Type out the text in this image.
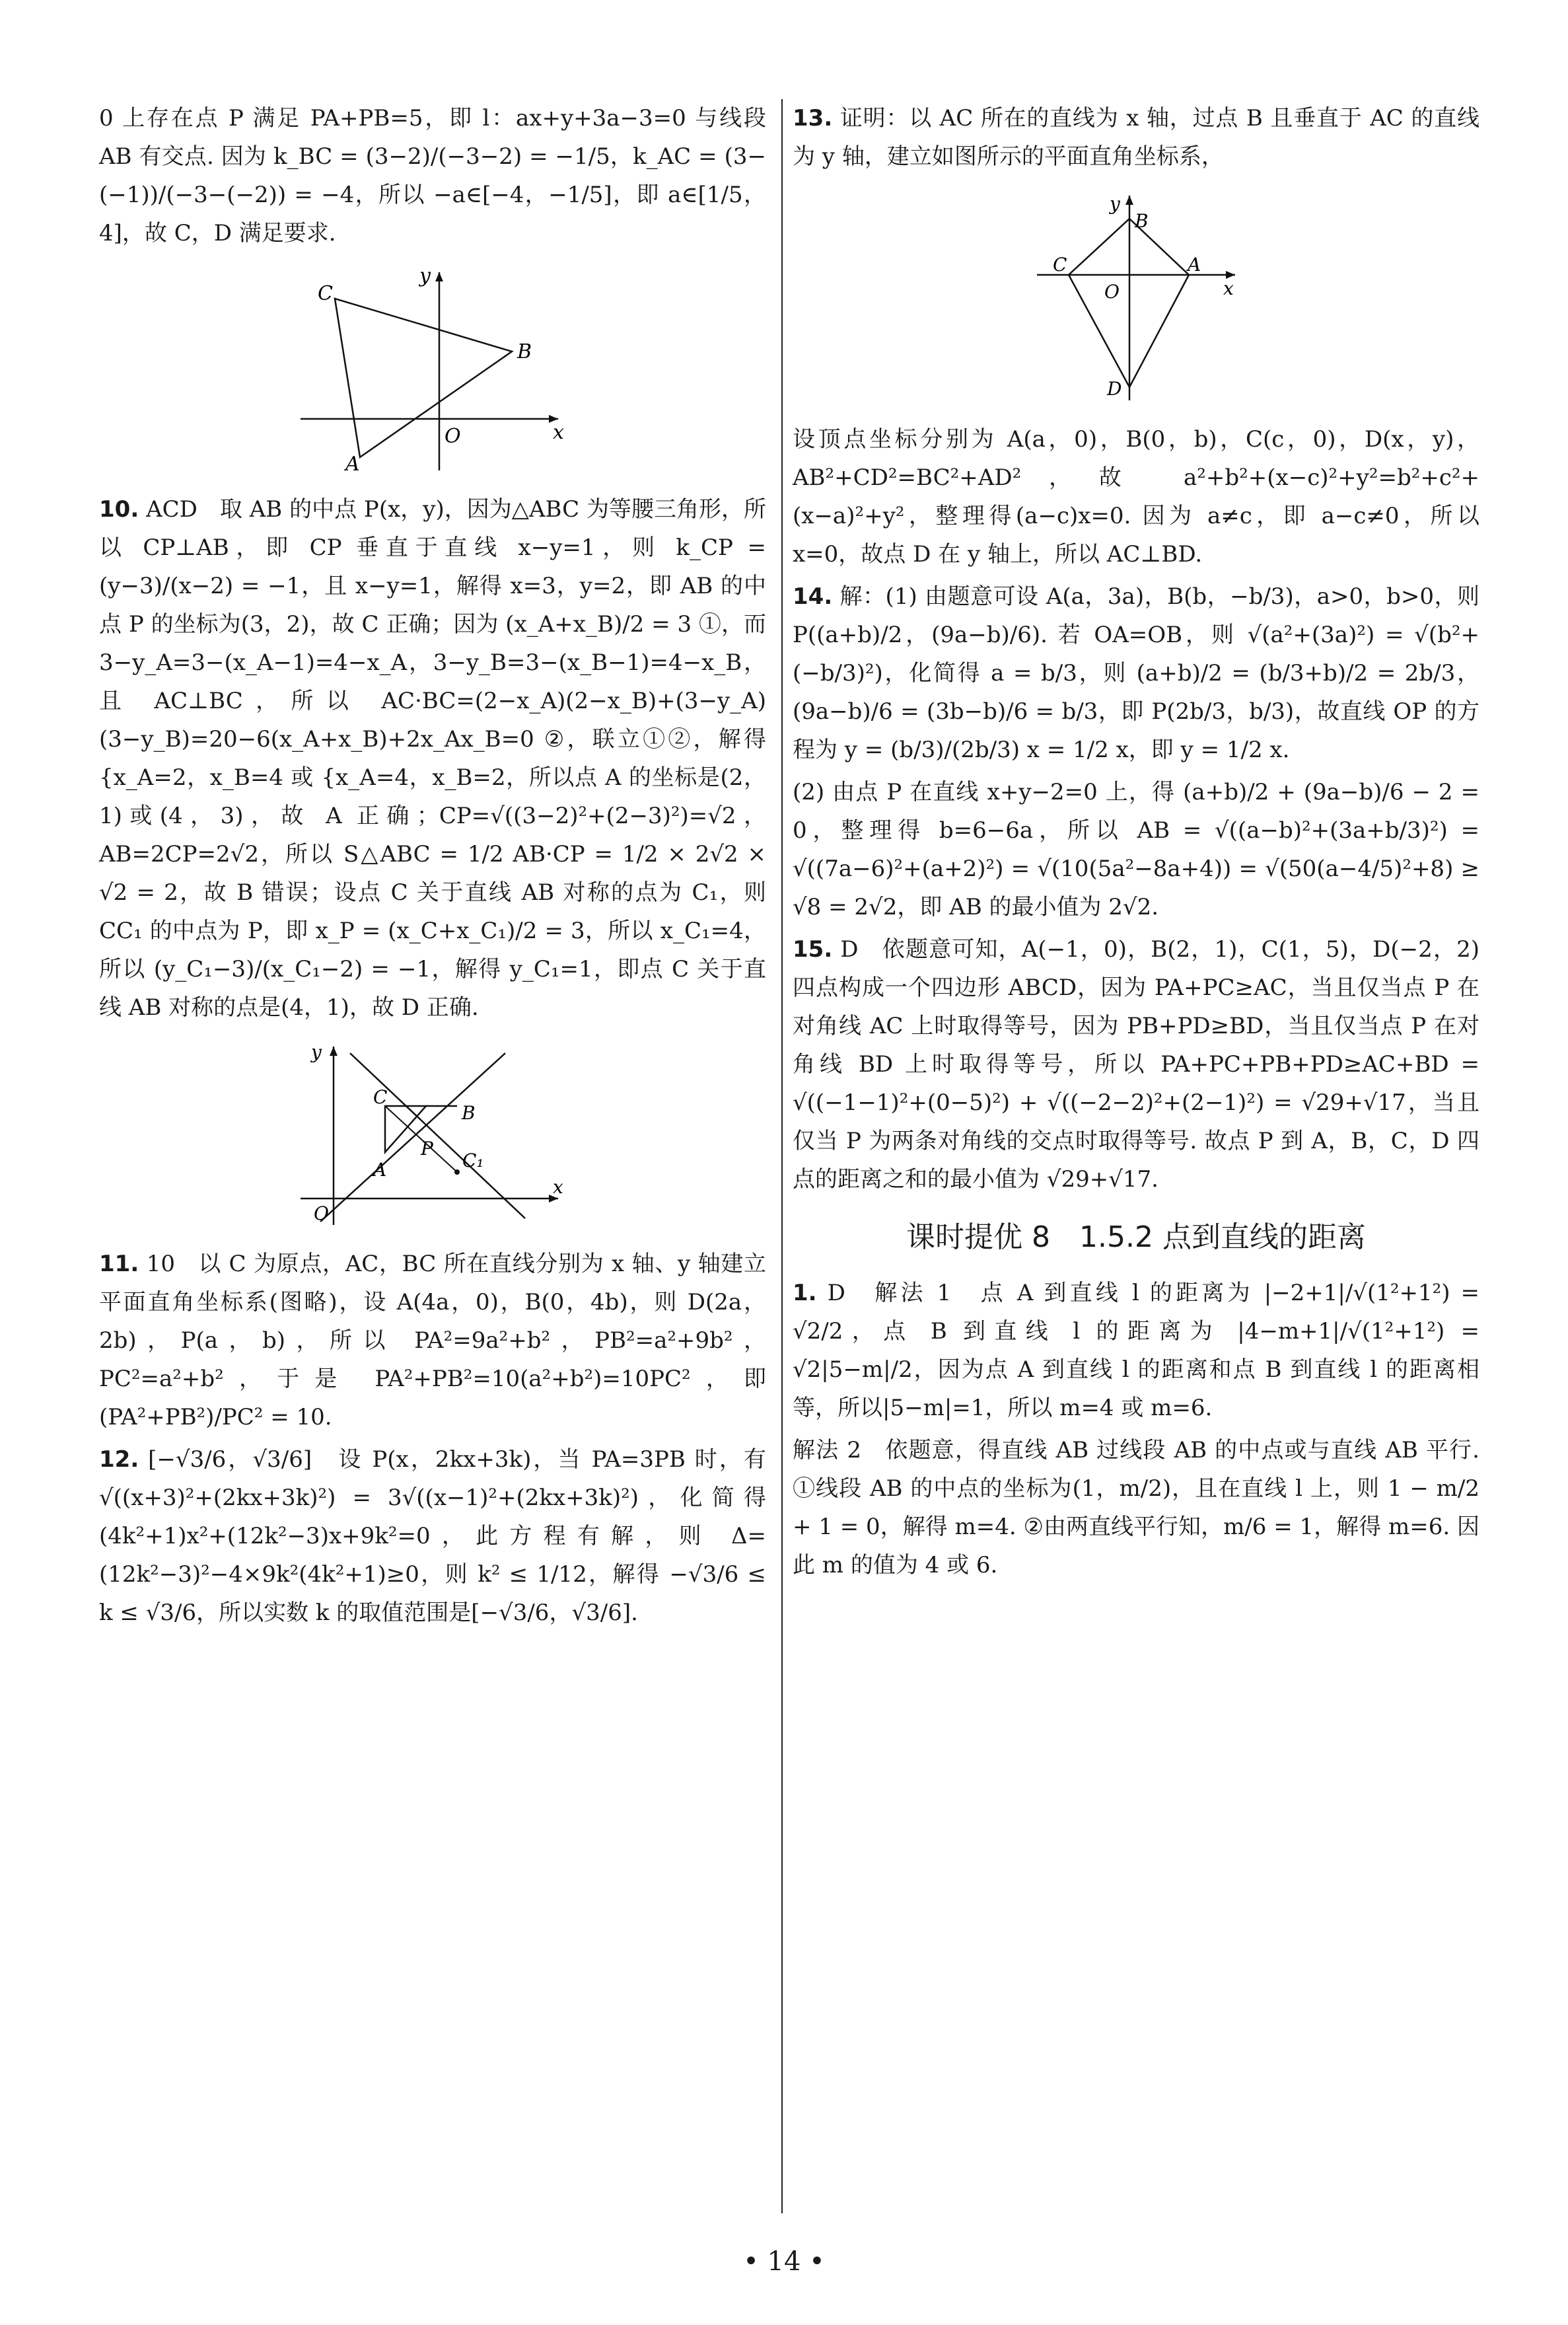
0 上存在点 P 满足 PA+PB=5，即 l：ax+y+3a−3=0 与线段 AB 有交点. 因为 k_BC = (3−2)/(−3−2) = −1/5，k_AC = (3−(−1))/(−3−(−2)) = −4，所以 −a∈[−4，−1/5]，即 a∈[1/5，4]，故 C，D 满足要求.

y
x
O
A
B
C

10. ACD　取 AB 的中点 P(x，y)，因为△ABC 为等腰三角形，所以 CP⊥AB，即 CP 垂直于直线 x−y=1，则 k_CP = (y−3)/(x−2) = −1，且 x−y=1，解得 x=3，y=2，即 AB 的中点 P 的坐标为(3，2)，故 C 正确；因为 (x_A+x_B)/2 = 3 ①，而 3−y_A=3−(x_A−1)=4−x_A，3−y_B=3−(x_B−1)=4−x_B，且 AC⊥BC，所以 AC·BC=(2−x_A)(2−x_B)+(3−y_A)(3−y_B)=20−6(x_A+x_B)+2x_Ax_B=0 ②，联立①②，解得 {x_A=2，x_B=4 或 {x_A=4，x_B=2，所以点 A 的坐标是(2，1)或(4，3)，故 A 正确；CP=√((3−2)²+(2−3)²)=√2，AB=2CP=2√2，所以 S△ABC = 1/2 AB·CP = 1/2 × 2√2 × √2 = 2，故 B 错误；设点 C 关于直线 AB 对称的点为 C₁，则 CC₁ 的中点为 P，即 x_P = (x_C+x_C₁)/2 = 3，所以 x_C₁=4，所以 (y_C₁−3)/(x_C₁−2) = −1，解得 y_C₁=1，即点 C 关于直线 AB 对称的点是(4，1)，故 D 正确.

y
x
O
A
B
C
P
C₁

11. 10　以 C 为原点，AC，BC 所在直线分别为 x 轴、y 轴建立平面直角坐标系(图略)，设 A(4a，0)，B(0，4b)，则 D(2a，2b)，P(a，b)，所以 PA²=9a²+b²，PB²=a²+9b²，PC²=a²+b²，于是 PA²+PB²=10(a²+b²)=10PC²，即 (PA²+PB²)/PC² = 10.

12. [−√3/6，√3/6]　设 P(x，2kx+3k)，当 PA=3PB 时，有 √((x+3)²+(2kx+3k)²) = 3√((x−1)²+(2kx+3k)²)，化简得 (4k²+1)x²+(12k²−3)x+9k²=0，此方程有解，则 Δ=(12k²−3)²−4×9k²(4k²+1)≥0，则 k² ≤ 1/12，解得 −√3/6 ≤ k ≤ √3/6，所以实数 k 的取值范围是[−√3/6，√3/6].

13. 证明：以 AC 所在的直线为 x 轴，过点 B 且垂直于 AC 的直线为 y 轴，建立如图所示的平面直角坐标系，

y
x
O
A
B
C
D

设顶点坐标分别为 A(a，0)，B(0，b)，C(c，0)，D(x，y)，AB²+CD²=BC²+AD²，故 a²+b²+(x−c)²+y²=b²+c²+(x−a)²+y²，整理得(a−c)x=0. 因为 a≠c，即 a−c≠0，所以 x=0，故点 D 在 y 轴上，所以 AC⊥BD.

14. 解：(1) 由题意可设 A(a，3a)，B(b，−b/3)，a>0，b>0，则 P((a+b)/2，(9a−b)/6). 若 OA=OB，则 √(a²+(3a)²) = √(b²+(−b/3)²)，化简得 a = b/3，则 (a+b)/2 = (b/3+b)/2 = 2b/3，(9a−b)/6 = (3b−b)/6 = b/3，即 P(2b/3，b/3)，故直线 OP 的方程为 y = (b/3)/(2b/3) x = 1/2 x，即 y = 1/2 x.

(2) 由点 P 在直线 x+y−2=0 上，得 (a+b)/2 + (9a−b)/6 − 2 = 0，整理得 b=6−6a，所以 AB = √((a−b)²+(3a+b/3)²) = √((7a−6)²+(a+2)²) = √(10(5a²−8a+4)) = √(50(a−4/5)²+8) ≥ √8 = 2√2，即 AB 的最小值为 2√2.

15. D　依题意可知，A(−1，0)，B(2，1)，C(1，5)，D(−2，2)四点构成一个四边形 ABCD，因为 PA+PC≥AC，当且仅当点 P 在对角线 AC 上时取得等号，因为 PB+PD≥BD，当且仅当点 P 在对角线 BD 上时取得等号，所以 PA+PC+PB+PD≥AC+BD = √((−1−1)²+(0−5)²) + √((−2−2)²+(2−1)²) = √29+√17，当且仅当 P 为两条对角线的交点时取得等号. 故点 P 到 A，B，C，D 四点的距离之和的最小值为 √29+√17.

课时提优 8　1.5.2 点到直线的距离

1. D　解法 1　点 A 到直线 l 的距离为 |−2+1|/√(1²+1²) = √2/2，点 B 到直线 l 的距离为 |4−m+1|/√(1²+1²) = √2|5−m|/2，因为点 A 到直线 l 的距离和点 B 到直线 l 的距离相等，所以|5−m|=1，所以 m=4 或 m=6.

解法 2　依题意，得直线 AB 过线段 AB 的中点或与直线 AB 平行. ①线段 AB 的中点的坐标为(1，m/2)，且在直线 l 上，则 1 − m/2 + 1 = 0，解得 m=4. ②由两直线平行知，m/6 = 1，解得 m=6. 因此 m 的值为 4 或 6.

• 14 •
